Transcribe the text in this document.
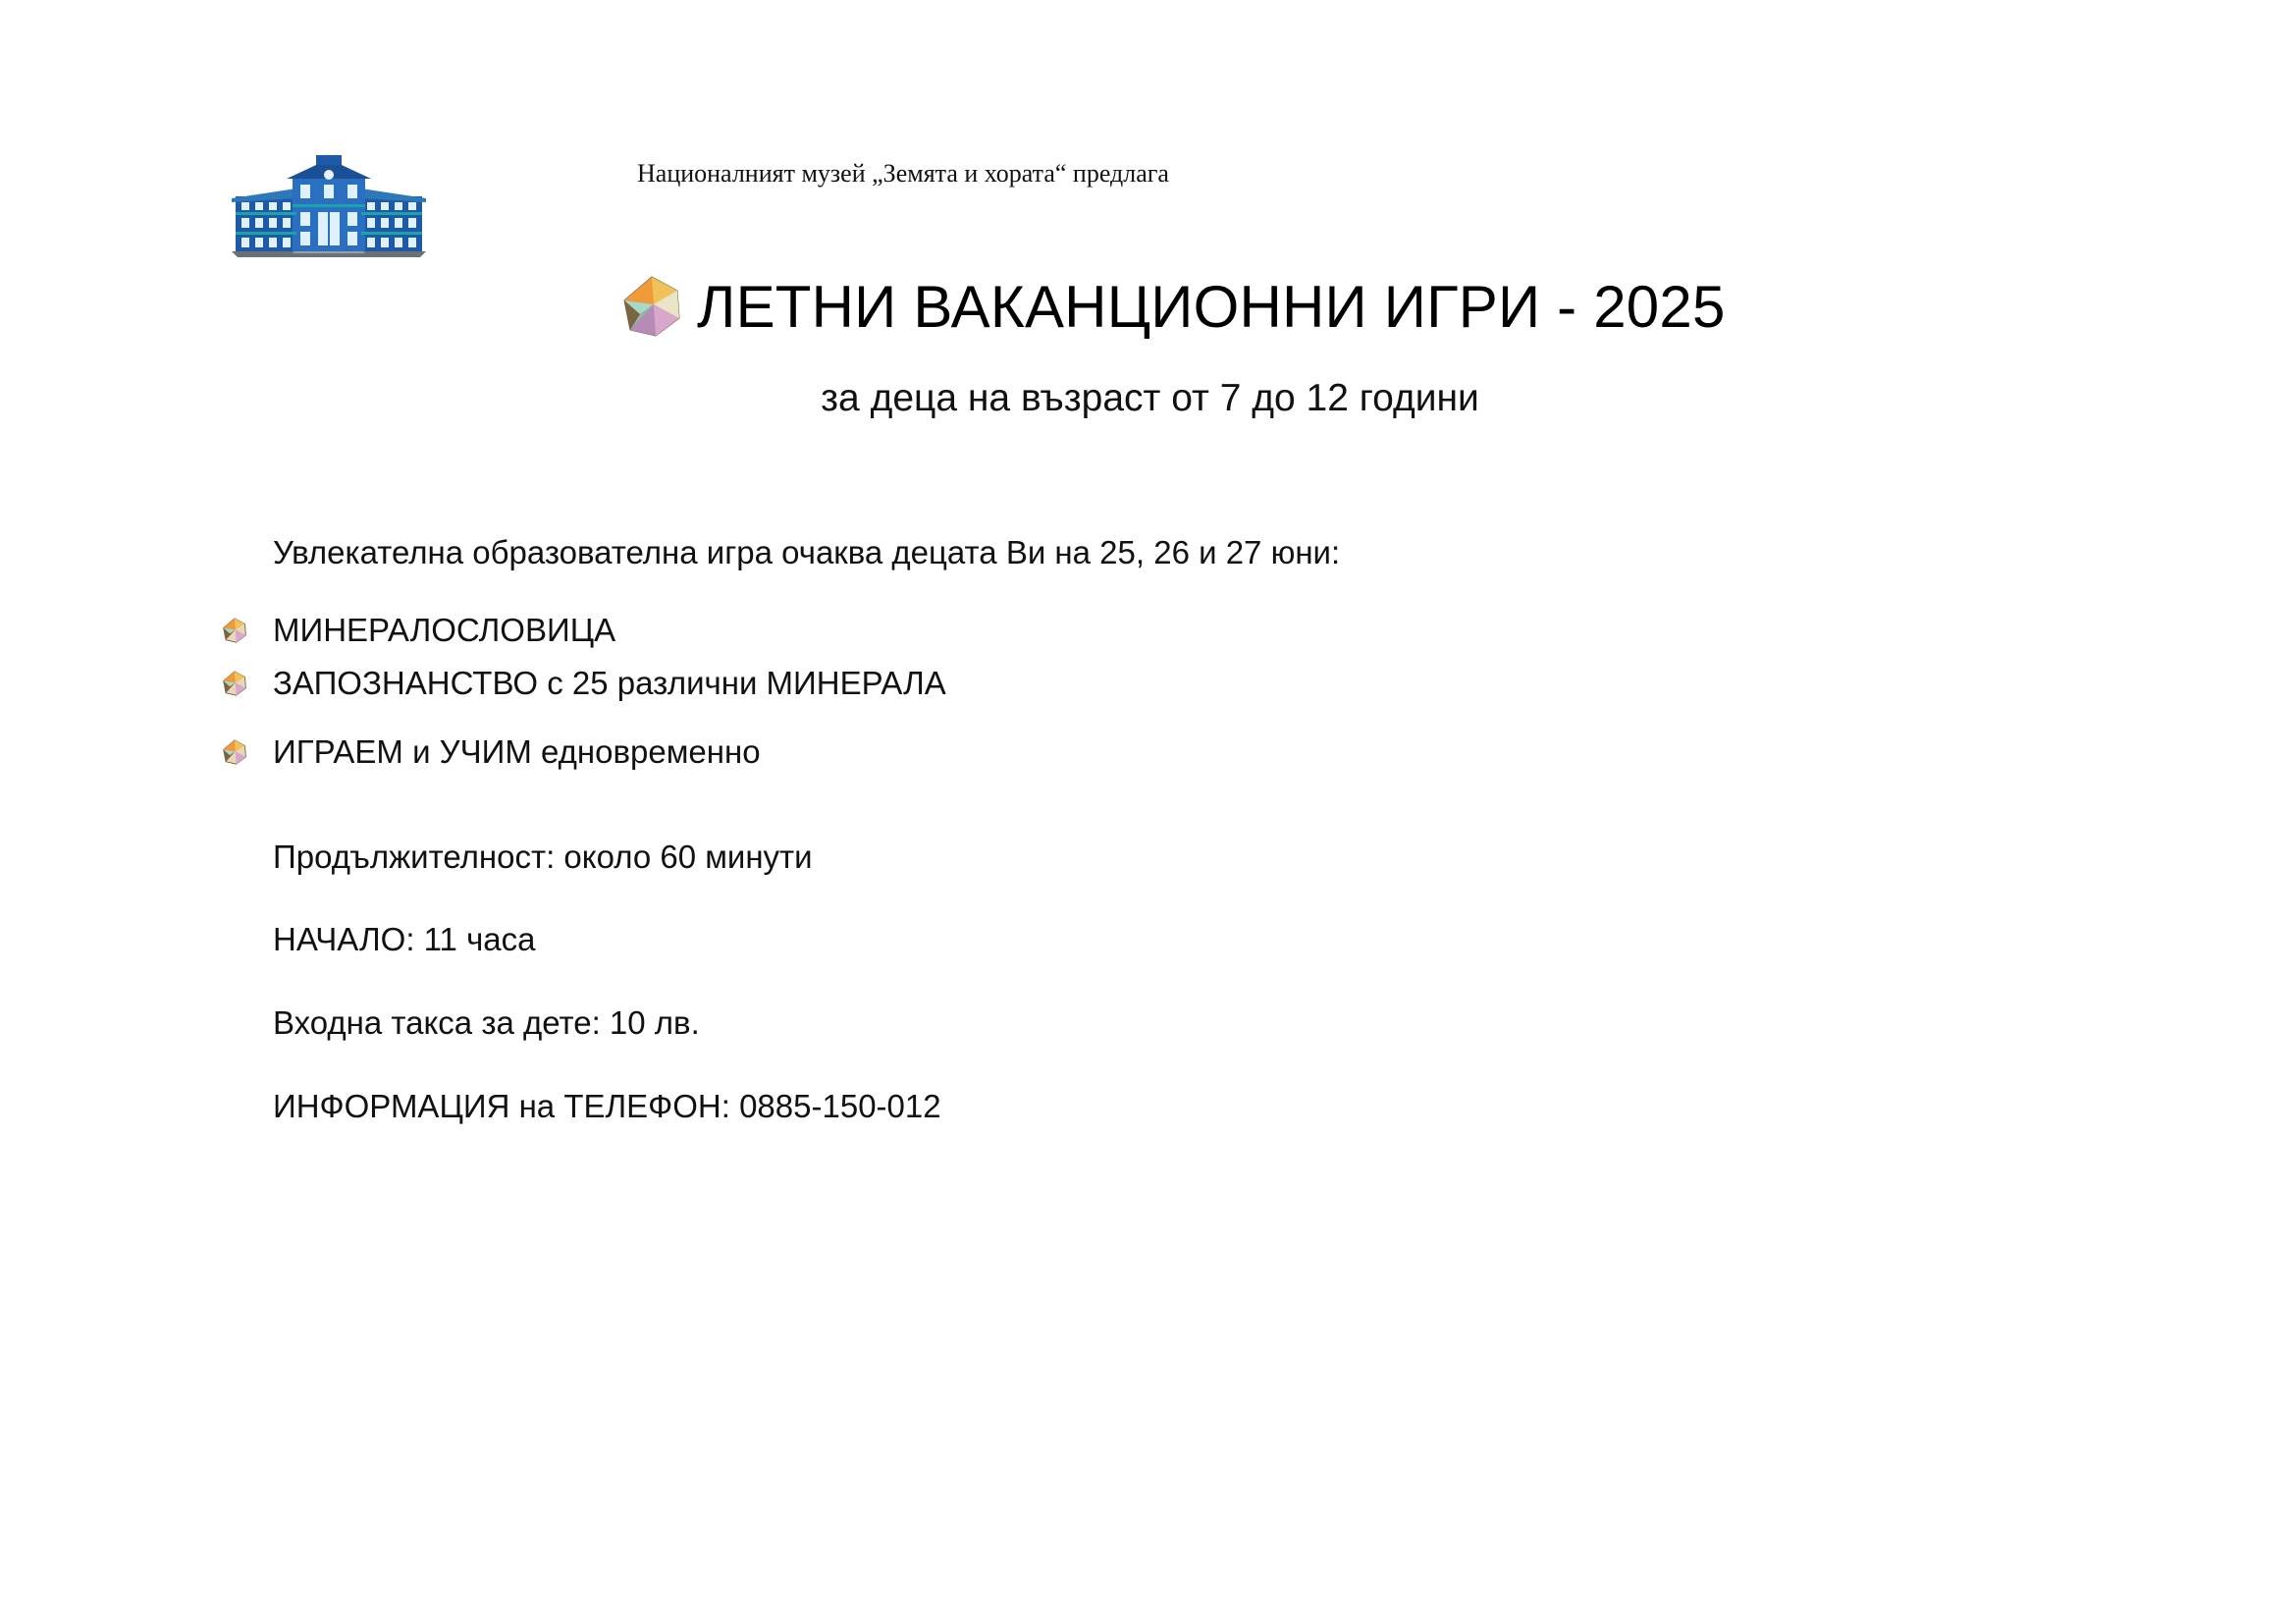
Националният музей „Земята и хората“ предлага
ЛЕТНИ ВАКАНЦИОННИ ИГРИ - 2025
за деца на възраст от 7 до 12 години
Увлекателна образователна игра очаква децата Ви на 25, 26 и 27 юни:
МИНЕРАЛОСЛОВИЦА
ЗАПОЗНАНСТВО с 25 различни МИНЕРАЛА
ИГРАЕМ и УЧИМ едновременно
Продължителност: около 60 минути
НАЧАЛО: 11 часа
Входна такса за дете: 10 лв.
ИНФОРМАЦИЯ на ТЕЛЕФОН: 0885-150-012
